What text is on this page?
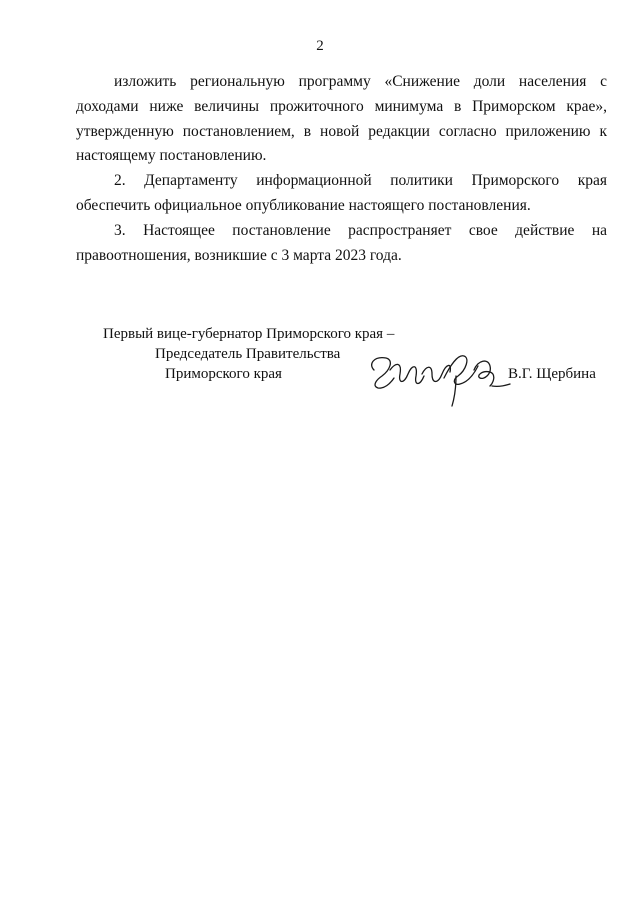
2

изложить региональную программу «Снижение доли населения с доходами ниже величины прожиточного минимума в Приморском крае», утвержденную постановлением, в новой редакции согласно приложению к настоящему постановлению.

2. Департаменту информационной политики Приморского края обеспечить официальное опубликование настоящего постановления.

3. Настоящее постановление распространяет свое действие на правоотношения, возникшие с 3 марта 2023 года.

Первый вице-губернатор Приморского края –
Председатель Правительства
Приморского края	В.Г. Щербина
